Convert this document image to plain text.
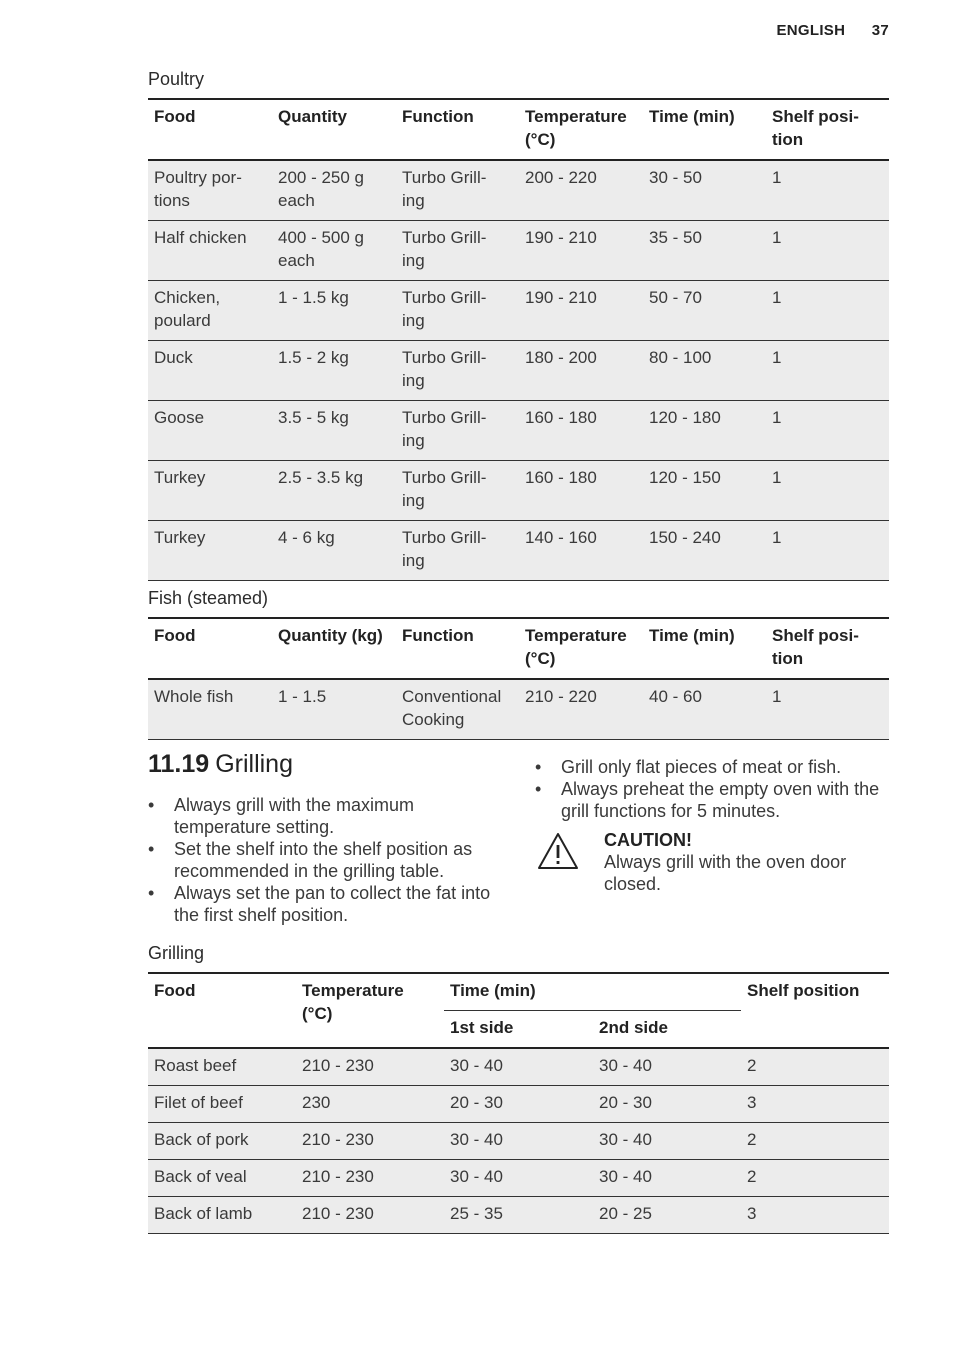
ENGLISH 37
Poultry
Food	Quantity	Function	Temperature (°C)	Time (min)	Shelf posi- tion
Poultry por- tions	200 - 250 g each	Turbo Grill- ing	200 - 220	30 - 50	1
Half chicken	400 - 500 g each	Turbo Grill- ing	190 - 210	35 - 50	1
Chicken, poulard	1 - 1.5 kg	Turbo Grill- ing	190 - 210	50 - 70	1
Duck	1.5 - 2 kg	Turbo Grill- ing	180 - 200	80 - 100	1
Goose	3.5 - 5 kg	Turbo Grill- ing	160 - 180	120 - 180	1
Turkey	2.5 - 3.5 kg	Turbo Grill- ing	160 - 180	120 - 150	1
Turkey	4 - 6 kg	Turbo Grill- ing	140 - 160	150 - 240	1
Fish (steamed)
Food	Quantity (kg)	Function	Temperature (°C)	Time (min)	Shelf posi- tion
Whole fish	1 - 1.5	Conventional Cooking	210 - 220	40 - 60	1
11.19 Grilling
• Always grill with the maximum temperature setting.
• Set the shelf into the shelf position as recommended in the grilling table.
• Always set the pan to collect the fat into the first shelf position.
• Grill only flat pieces of meat or fish.
• Always preheat the empty oven with the grill functions for 5 minutes.
CAUTION!
Always grill with the oven door closed.
Grilling
Food	Temperature (°C)	Time (min)		Shelf position
		1st side	2nd side	
Roast beef	210 - 230	30 - 40	30 - 40	2
Filet of beef	230	20 - 30	20 - 30	3
Back of pork	210 - 230	30 - 40	30 - 40	2
Back of veal	210 - 230	30 - 40	30 - 40	2
Back of lamb	210 - 230	25 - 35	20 - 25	3
